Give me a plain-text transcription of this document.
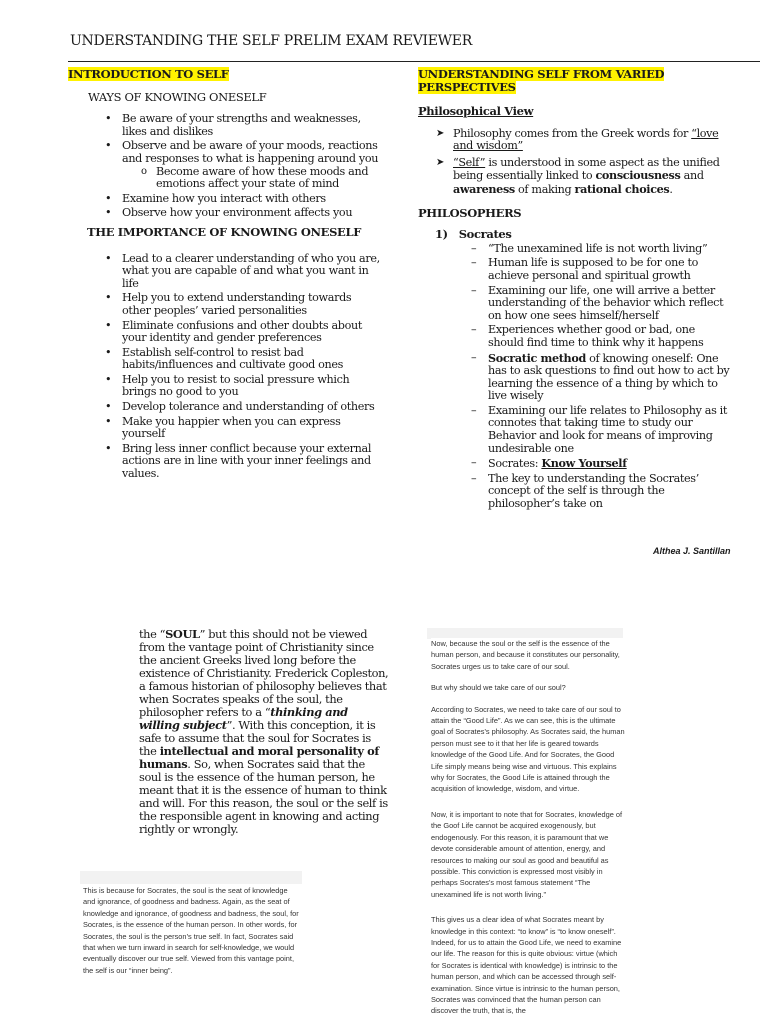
UNDERSTANDING THE SELF PRELIM EXAM REVIEWER
INTRODUCTION TO SELF
WAYS OF KNOWING ONESELF
• Be aware of your strengths and weaknesses, likes and dislikes
• Observe and be aware of your moods, reactions and responses to what is happening around you
o Become aware of how these moods and emotions affect your state of mind
• Examine how you interact with others
• Observe how your environment affects you
THE IMPORTANCE OF KNOWING ONESELF
• Lead to a clearer understanding of who you are, what you are capable of and what you want in life
• Help you to extend understanding towards other peoples’ varied personalities
• Eliminate confusions and other doubts about your identity and gender preferences
• Establish self-control to resist bad habits/influences and cultivate good ones
• Help you to resist to social pressure which brings no good to you
• Develop tolerance and understanding of others
• Make you happier when you can express yourself
• Bring less inner conflict because your external actions are in line with your inner feelings and values.
UNDERSTANDING SELF FROM VARIED PERSPECTIVES
Philosophical View
➤ Philosophy comes from the Greek words for “love and wisdom”
➤ “Self” is understood in some aspect as the unified being essentially linked to consciousness and awareness of making rational choices.
PHILOSOPHERS
1) Socrates
– “The unexamined life is not worth living”
– Human life is supposed to be for one to achieve personal and spiritual growth
– Examining our life, one will arrive a better understanding of the behavior which reflect on how one sees himself/herself
– Experiences whether good or bad, one should find time to think why it happens
– Socratic method of knowing oneself: One has to ask questions to find out how to act by learning the essence of a thing by which to live wisely
– Examining our life relates to Philosophy as it connotes that taking time to study our Behavior and look for means of improving undesirable one
– Socrates: Know Yourself
– The key to understanding the Socrates’ concept of the self is through the philosopher’s take on
Althea J. Santillan
the “SOUL” but this should not be viewed from the vantage point of Christianity since the ancient Greeks lived long before the existence of Christianity. Frederick Copleston, a famous historian of philosophy believes that when Socrates speaks of the soul, the philosopher refers to a “thinking and willing subject”. With this conception, it is safe to assume that the soul for Socrates is the intellectual and moral personality of humans. So, when Socrates said that the soul is the essence of the human person, he meant that it is the essence of human to think and will. For this reason, the soul or the self is the responsible agent in knowing and acting rightly or wrongly.

This is because for Socrates, the soul is the seat of knowledge and ignorance, of goodness and badness. Again, as the seat of knowledge and ignorance, of goodness and badness, the soul, for Socrates, is the essence of the human person. In other words, for Socrates, the soul is the person’s true self. In fact, Socrates said that when we turn inward in search for self-knowledge, we would eventually discover our true self. Viewed from this vantage point, the self is our “inner being”.

Now, because the soul or the self is the essence of the human person, and because it constitutes our personality, Socrates urges us to take care of our soul.

But why should we take care of our soul?

According to Socrates, we need to take care of our soul to attain the “Good Life”. As we can see, this is the ultimate goal of Socrates’s philosophy. As Socrates said, the human person must see to it that her life is geared towards knowledge of the Good Life. And for Socrates, the Good Life simply means being wise and virtuous. This explains why for Socrates, the Good Life is attained through the acquisition of knowledge, wisdom, and virtue.

Now, it is important to note that for Socrates, knowledge of the Goof Life cannot be acquired exogenously, but endogenously. For this reason, it is paramount that we devote considerable amount of attention, energy, and resources to making our soul as good and beautiful as possible. This conviction is expressed most visibly in perhaps Socrates’s most famous statement “The unexamined life is not worth living.”

This gives us a clear idea of what Socrates meant by knowledge in this context: “to know” is “to know oneself”. Indeed, for us to attain the Good Life, we need to examine our life. The reason for this is quite obvious: virtue (which for Socrates is identical with knowledge) is intrinsic to the human person, and which can be accessed through self-examination. Since virtue is intrinsic to the human person, Socrates was convinced that the human person can discover the truth, that is, the
